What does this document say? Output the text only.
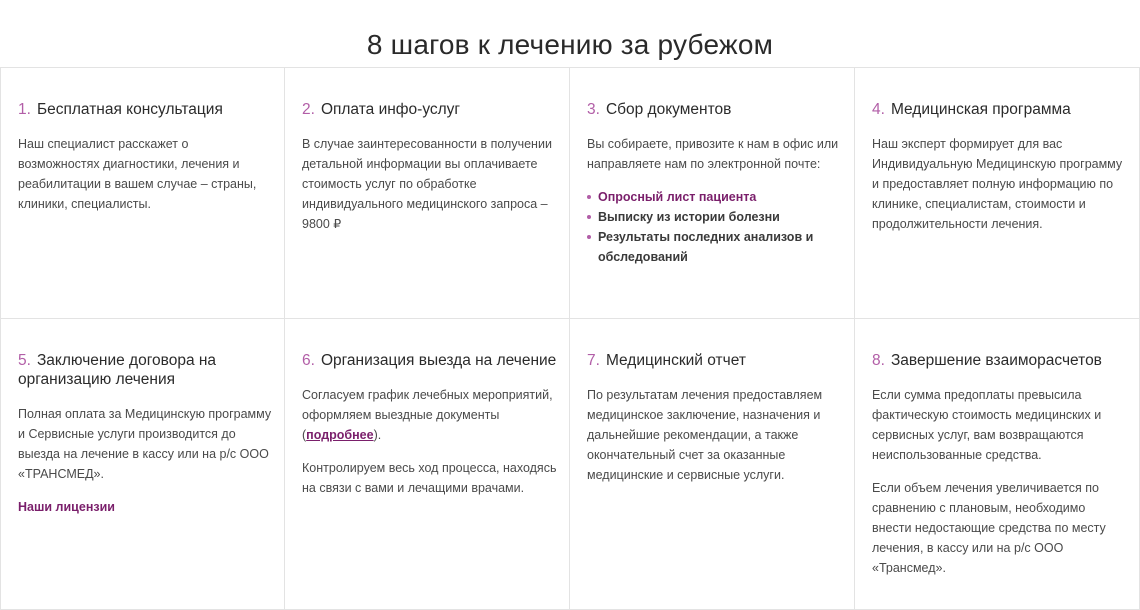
8 шагов к лечению за рубежом
1. Бесплатная консультация

Наш специалист расскажет о возможностях диагностики, лечения и реабилитации в вашем случае – страны, клиники, специалисты.

2. Оплата инфо-услуг

В случае заинтересованности в получении детальной информации вы оплачиваете стоимость услуг по обработке индивидуального медицинского запроса – 9800 ₽

3. Сбор документов

Вы собираете, привозите к нам в офис или направляете нам по электронной почте:

Опросный лист пациента
Выписку из истории болезни
Результаты последних анализов и обследований
4. Медицинская программа

Наш эксперт формирует для вас Индивидуальную Медицинскую программу и предоставляет полную информацию по клинике, специалистам, стоимости и продолжительности лечения.

5. Заключение договора на организацию лечения

Полная оплата за Медицинскую программу и Сервисные услуги производится до выезда на лечение в кассу или на р/с ООО «ТРАНСМЕД».

Наши лицензии
6. Организация выезда на лечение

Согласуем график лечебных мероприятий, оформляем выездные документы (подробнее).

Контролируем весь ход процесса, находясь на связи с вами и лечащими врачами.

7. Медицинский отчет

По результатам лечения предоставляем медицинское заключение, назначения и дальнейшие рекомендации, а также окончательный счет за оказанные медицинские и сервисные услуги.

8. Завершение взаиморасчетов

Если сумма предоплаты превысила фактическую стоимость медицинских и сервисных услуг, вам возвращаются неиспользованные средства.

Если объем лечения увеличивается по сравнению с плановым, необходимо внести недостающие средства по месту лечения, в кассу или на р/с ООО «Трансмед».
